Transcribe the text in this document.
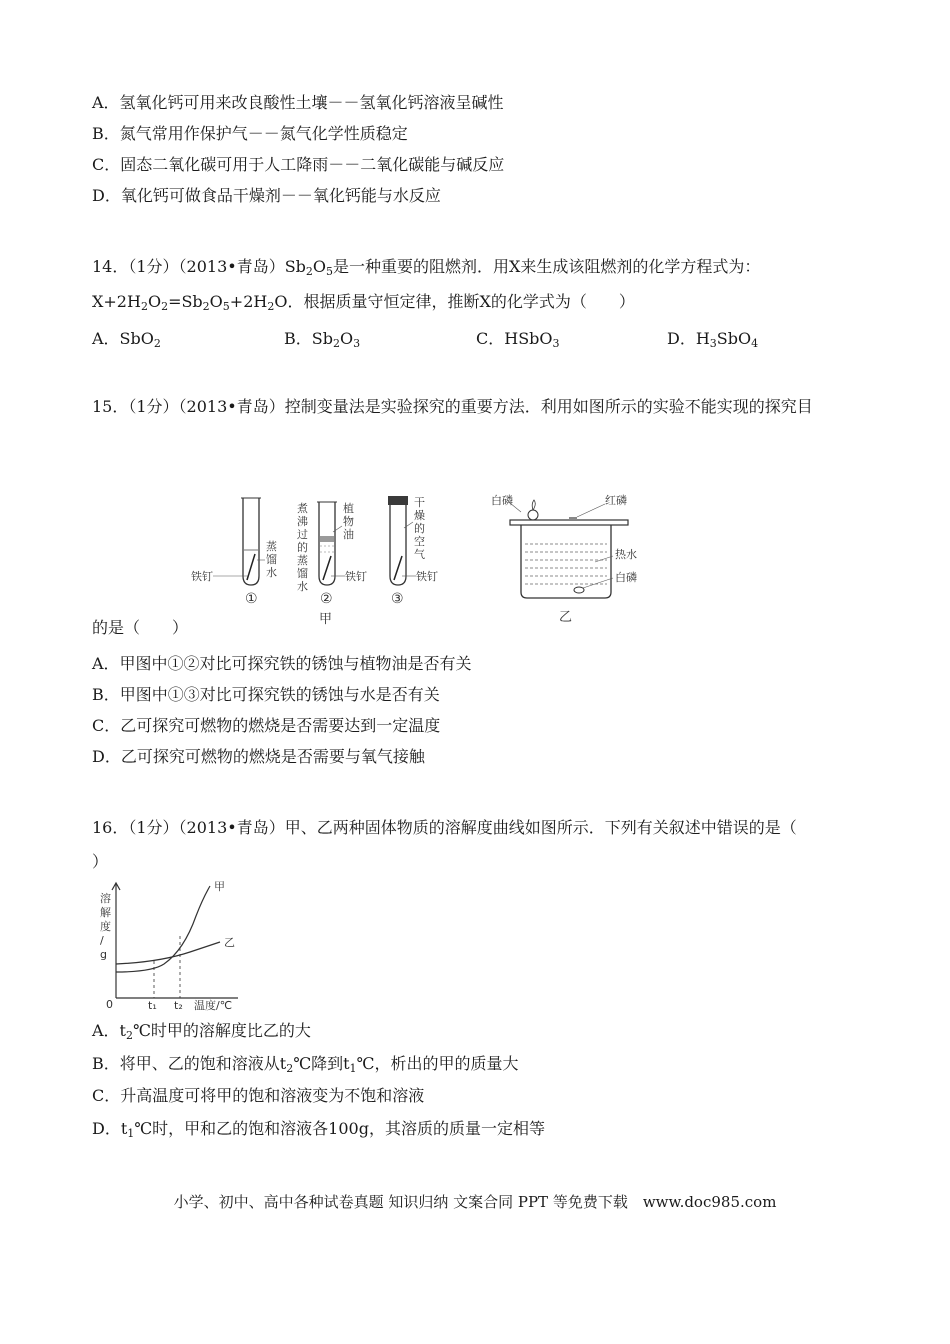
A．氢氧化钙可用来改良酸性土壤－－氢氧化钙溶液呈碱性
B．氮气常用作保护气－－氮气化学性质稳定
C．固态二氧化碳可用于人工降雨－－二氧化碳能与碱反应
D．氧化钙可做食品干燥剂－－氧化钙能与水反应
14．（1分）（2013•青岛）$Sb_2O_5$是一种重要的阻燃剂．用X来生成该阻燃剂的化学方程式为：
$X+2H_2O_2=Sb_2O_5+2H_2O$．根据质量守恒定律，推断X的化学式为（　　）
A．SbO$_2$	B．$Sb_2O_3$	C．HSbO$_3$	D．$H_3SbO_4$
15．（1分）（2013•青岛）控制变量法是实验探究的重要方法．利用如图所示的实验不能实现的探究目
铁钉
蒸 馏 水
①
煮 沸 过 的 蒸 馏 水
植 物 油
铁钉
②
甲
干 燥 的 空 气
铁钉
③
白磷	红磷
热水
白磷
乙
的是（　　）
A．甲图中①②对比可探究铁的锈蚀与植物油是否有关
B．甲图中①③对比可探究铁的锈蚀与水是否有关
C．乙可探究可燃物的燃烧是否需要达到一定温度
D．乙可探究可燃物的燃烧是否需要与氧气接触
16．（1分）（2013•青岛）甲、乙两种固体物质的溶解度曲线如图所示．下列有关叙述中错误的是（
）
溶 解 度 / g
甲
乙
0	t₁ t₂ 温度/℃
A．$t_2℃$时甲的溶解度比乙的大
B．将甲、乙的饱和溶液从$t_2℃$降到$t_1℃$，析出的甲的质量大
C．升高温度可将甲的饱和溶液变为不饱和溶液
D．$t_1℃$时，甲和乙的饱和溶液各100g，其溶质的质量一定相等
小学、初中、高中各种试卷真题 知识归纳 文案合同 PPT 等免费下载　www.doc985.com
